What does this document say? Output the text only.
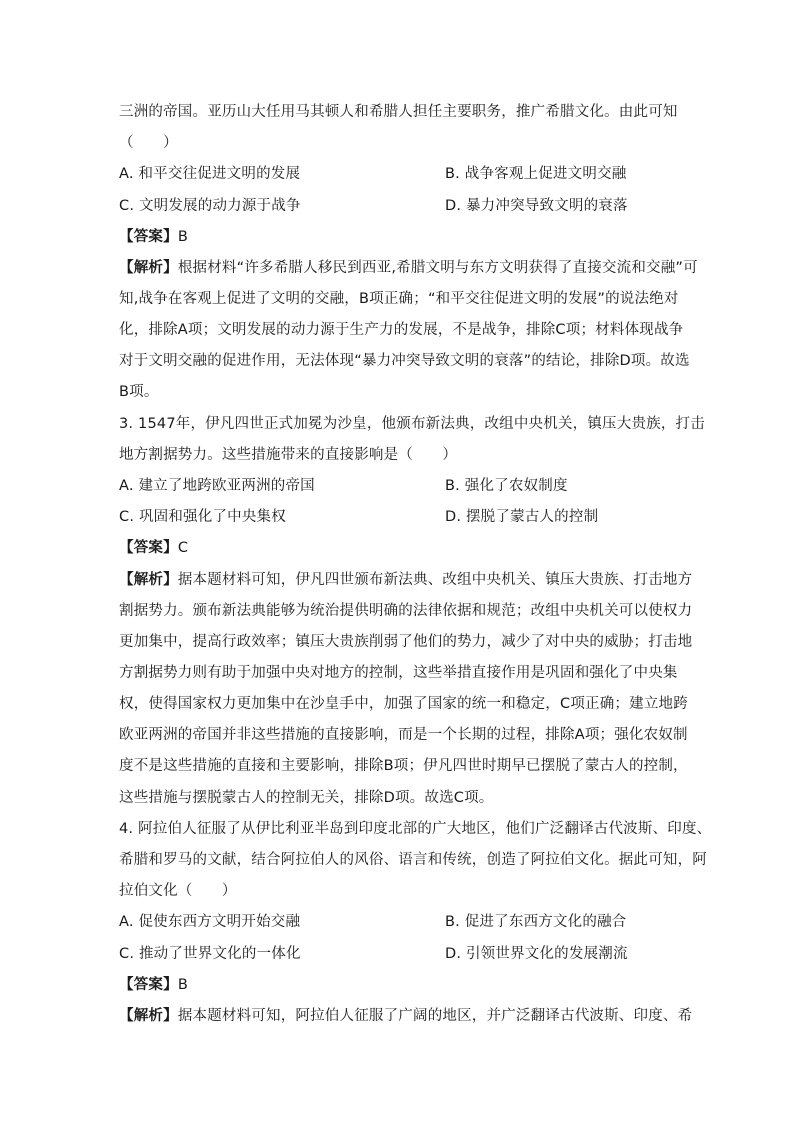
三洲的帝国。亚历山大任用马其顿人和希腊人担任主要职务，推广希腊文化。由此可知
（　　）
A. 和平交往促进文明的发展	B. 战争客观上促进文明交融
C. 文明发展的动力源于战争	D. 暴力冲突导致文明的衰落
【答案】B
【解析】根据材料“许多希腊人移民到西亚,希腊文明与东方文明获得了直接交流和交融”可
知,战争在客观上促进了文明的交融，B项正确；“和平交往促进文明的发展”的说法绝对
化，排除A项；文明发展的动力源于生产力的发展，不是战争，排除C项；材料体现战争
对于文明交融的促进作用，无法体现“暴力冲突导致文明的衰落”的结论，排除D项。故选
B项。
3. 1547年，伊凡四世正式加冕为沙皇，他颁布新法典，改组中央机关，镇压大贵族，打击
地方割据势力。这些措施带来的直接影响是（　　）
A. 建立了地跨欧亚两洲的帝国	B. 强化了农奴制度
C. 巩固和强化了中央集权	D. 摆脱了蒙古人的控制
【答案】C
【解析】据本题材料可知，伊凡四世颁布新法典、改组中央机关、镇压大贵族、打击地方
割据势力。颁布新法典能够为统治提供明确的法律依据和规范；改组中央机关可以使权力
更加集中，提高行政效率；镇压大贵族削弱了他们的势力，减少了对中央的威胁；打击地
方割据势力则有助于加强中央对地方的控制，这些举措直接作用是巩固和强化了中央集
权，使得国家权力更加集中在沙皇手中，加强了国家的统一和稳定，C项正确；建立地跨
欧亚两洲的帝国并非这些措施的直接影响，而是一个长期的过程，排除A项；强化农奴制
度不是这些措施的直接和主要影响，排除B项；伊凡四世时期早已摆脱了蒙古人的控制，
这些措施与摆脱蒙古人的控制无关，排除D项。故选C项。
4. 阿拉伯人征服了从伊比利亚半岛到印度北部的广大地区，他们广泛翻译古代波斯、印度、
希腊和罗马的文献，结合阿拉伯人的风俗、语言和传统，创造了阿拉伯文化。据此可知，阿
拉伯文化（　　）
A. 促使东西方文明开始交融	B. 促进了东西方文化的融合
C. 推动了世界文化的一体化	D. 引领世界文化的发展潮流
【答案】B
【解析】据本题材料可知，阿拉伯人征服了广阔的地区，并广泛翻译古代波斯、印度、希
